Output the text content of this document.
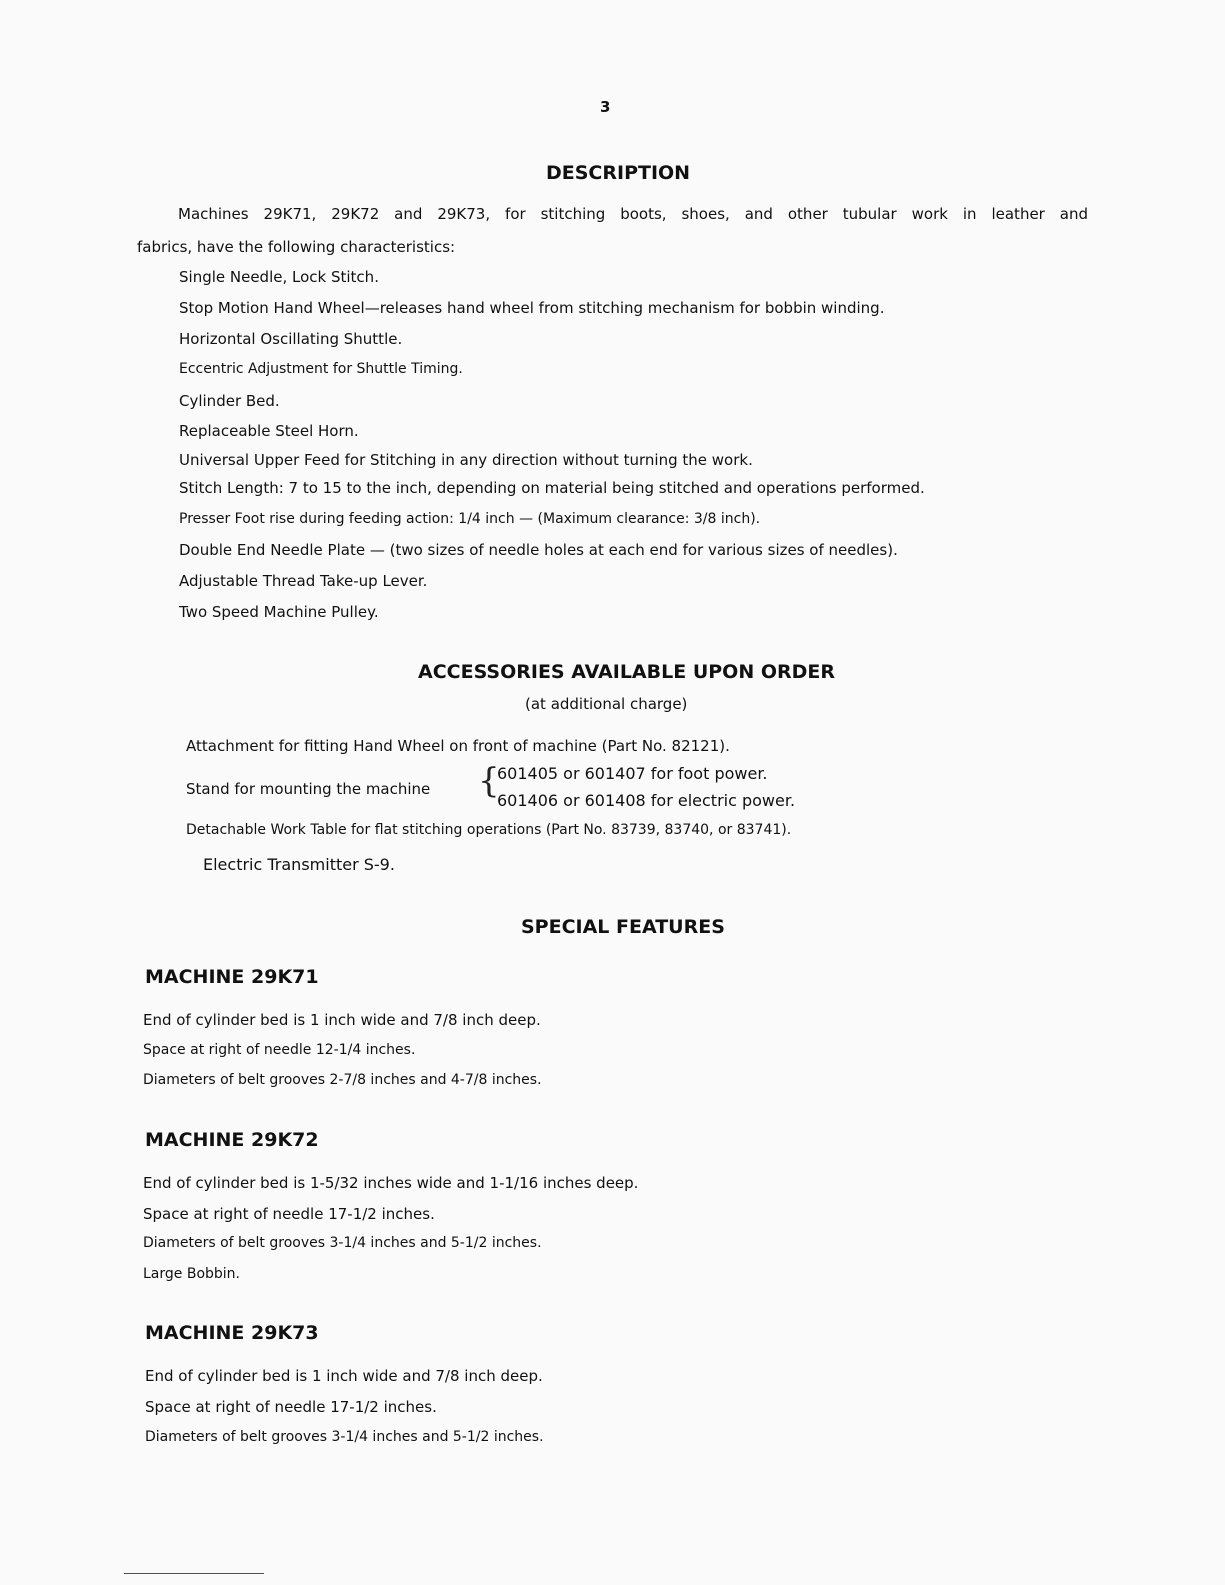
3
DESCRIPTION
Machines 29K71, 29K72 and 29K73, for stitching boots, shoes, and other tubular work in leather and
fabrics, have the following characteristics:
Single Needle, Lock Stitch.
Stop Motion Hand Wheel—releases hand wheel from stitching mechanism for bobbin winding.
Horizontal Oscillating Shuttle.
Eccentric Adjustment for Shuttle Timing.
Cylinder Bed.
Replaceable Steel Horn.
Universal Upper Feed for Stitching in any direction without turning the work.
Stitch Length: 7 to 15 to the inch, depending on material being stitched and operations performed.
Presser Foot rise during feeding action: 1/4 inch — (Maximum clearance: 3/8 inch).
Double End Needle Plate — (two sizes of needle holes at each end for various sizes of needles).
Adjustable Thread Take-up Lever.
Two Speed Machine Pulley.
ACCESSORIES AVAILABLE UPON ORDER
(at additional charge)
Attachment for fitting Hand Wheel on front of machine (Part No. 82121).
Stand for mounting the machine {
601405 or 601407 for foot power.
601406 or 601408 for electric power.
Detachable Work Table for flat stitching operations (Part No. 83739, 83740, or 83741).
Electric Transmitter S-9.
SPECIAL FEATURES
MACHINE 29K71
End of cylinder bed is 1 inch wide and 7/8 inch deep.
Space at right of needle 12-1/4 inches.
Diameters of belt grooves 2-7/8 inches and 4-7/8 inches.
MACHINE 29K72
End of cylinder bed is 1-5/32 inches wide and 1-1/16 inches deep.
Space at right of needle 17-1/2 inches.
Diameters of belt grooves 3-1/4 inches and 5-1/2 inches.
Large Bobbin.
MACHINE 29K73
End of cylinder bed is 1 inch wide and 7/8 inch deep.
Space at right of needle 17-1/2 inches.
Diameters of belt grooves 3-1/4 inches and 5-1/2 inches.
